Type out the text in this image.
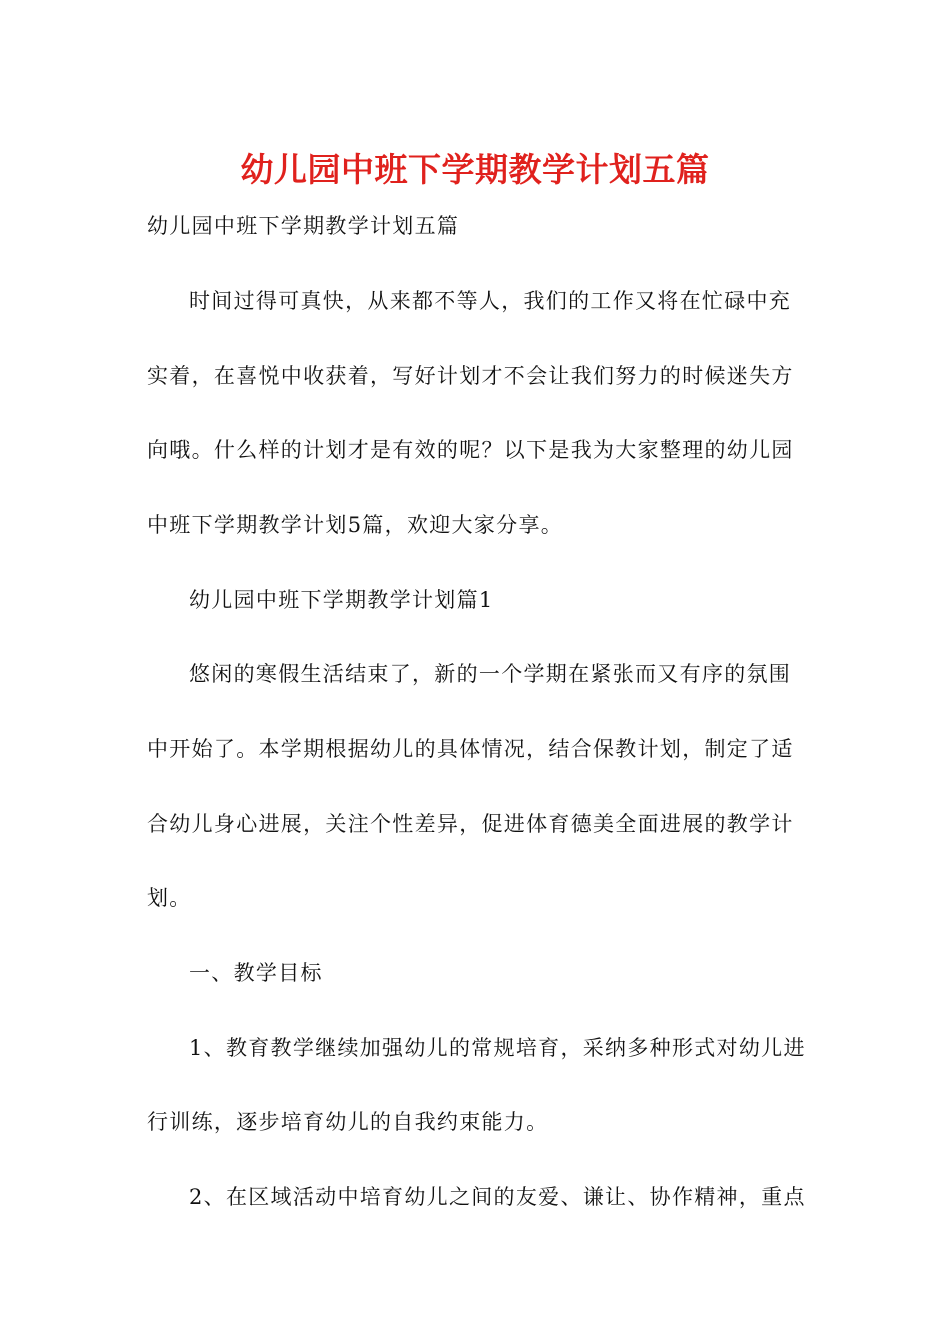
幼儿园中班下学期教学计划五篇
幼儿园中班下学期教学计划五篇
时间过得可真快，从来都不等人，我们的工作又将在忙碌中充
实着，在喜悦中收获着，写好计划才不会让我们努力的时候迷失方
向哦。什么样的计划才是有效的呢？以下是我为大家整理的幼儿园
中班下学期教学计划5篇，欢迎大家分享。
幼儿园中班下学期教学计划篇1
悠闲的寒假生活结束了，新的一个学期在紧张而又有序的氛围
中开始了。本学期根据幼儿的具体情况，结合保教计划，制定了适
合幼儿身心进展，关注个性差异，促进体育德美全面进展的教学计
划。
一、教学目标
1、教育教学继续加强幼儿的常规培育，采纳多种形式对幼儿进
行训练，逐步培育幼儿的自我约束能力。
2、在区域活动中培育幼儿之间的友爱、谦让、协作精神，重点
